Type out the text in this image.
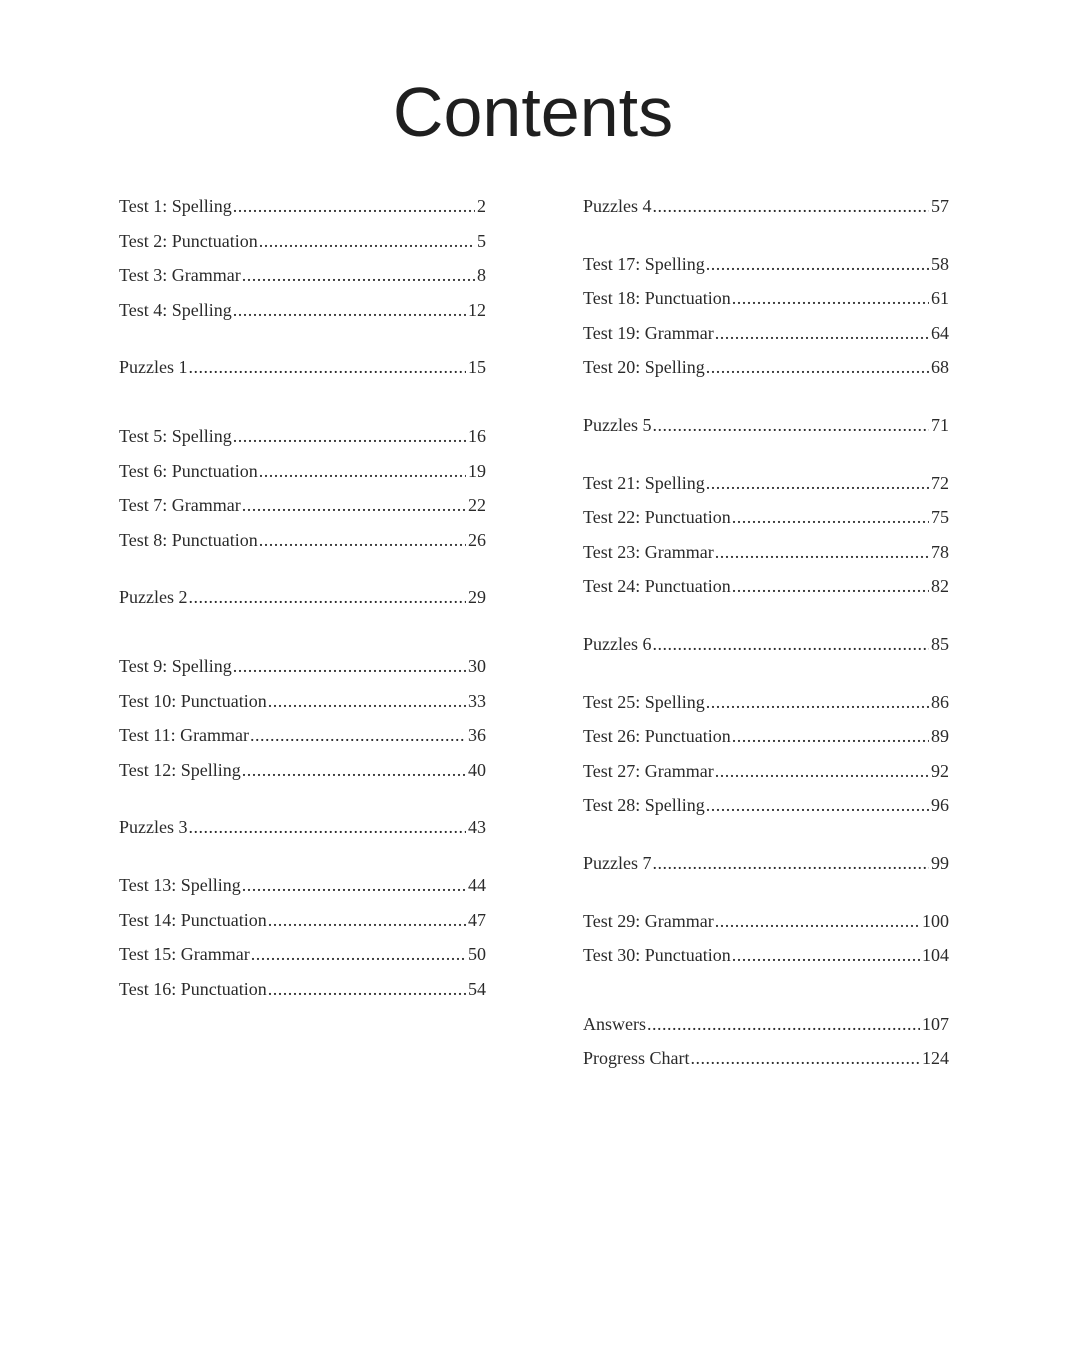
Contents
Test 1: Spelling .....	2
Test 2: Punctuation .....	5
Test 3: Grammar .....	8
Test 4: Spelling .....	12
Puzzles 1 .....	15
Test 5: Spelling .....	16
Test 6: Punctuation .....	19
Test 7: Grammar .....	22
Test 8: Punctuation .....	26
Puzzles 2 .....	29
Test 9: Spelling .....	30
Test 10: Punctuation .....	33
Test 11: Grammar .....	36
Test 12: Spelling .....	40
Puzzles 3 .....	43
Test 13: Spelling .....	44
Test 14: Punctuation .....	47
Test 15: Grammar .....	50
Test 16: Punctuation .....	54
Puzzles 4 .....	57
Test 17: Spelling .....	58
Test 18: Punctuation .....	61
Test 19: Grammar .....	64
Test 20: Spelling .....	68
Puzzles 5 .....	71
Test 21: Spelling .....	72
Test 22: Punctuation .....	75
Test 23: Grammar .....	78
Test 24: Punctuation .....	82
Puzzles 6 .....	85
Test 25: Spelling .....	86
Test 26: Punctuation .....	89
Test 27: Grammar .....	92
Test 28: Spelling .....	96
Puzzles 7 .....	99
Test 29: Grammar .....	100
Test 30: Punctuation .....	104
Answers .....	107
Progress Chart .....	124
